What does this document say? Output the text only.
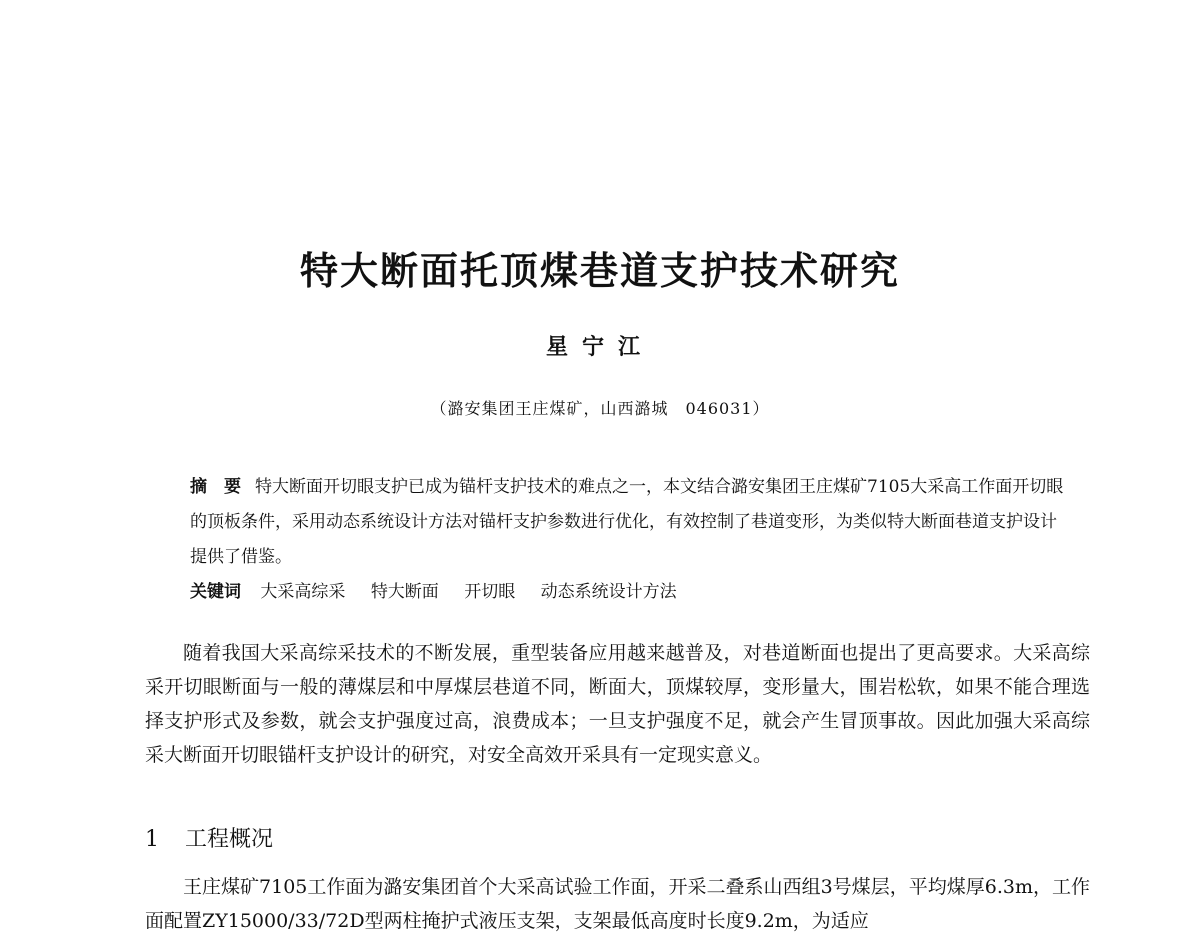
特大断面托顶煤巷道支护技术研究
星宁江
（潞安集团王庄煤矿，山西潞城　046031）

摘　要 特大断面开切眼支护已成为锚杆支护技术的难点之一，本文结合潞安集团王庄煤矿7105大采高工作面开切眼的顶板条件，采用动态系统设计方法对锚杆支护参数进行优化，有效控制了巷道变形，为类似特大断面巷道支护设计提供了借鉴。

关键词 大采高综采 特大断面 开切眼 动态系统设计方法

随着我国大采高综采技术的不断发展，重型装备应用越来越普及，对巷道断面也提出了更高要求。大采高综采开切眼断面与一般的薄煤层和中厚煤层巷道不同，断面大，顶煤较厚，变形量大，围岩松软，如果不能合理选择支护形式及参数，就会支护强度过高，浪费成本；一旦支护强度不足，就会产生冒顶事故。因此加强大采高综采大断面开切眼锚杆支护设计的研究，对安全高效开采具有一定现实意义。

1 工程概况

王庄煤矿7105工作面为潞安集团首个大采高试验工作面，开采二叠系山西组3号煤层，平均煤厚6.3m，工作面配置ZY15000/33/72D型两柱掩护式液压支架，支架最低高度时长度9.2m，为适应
